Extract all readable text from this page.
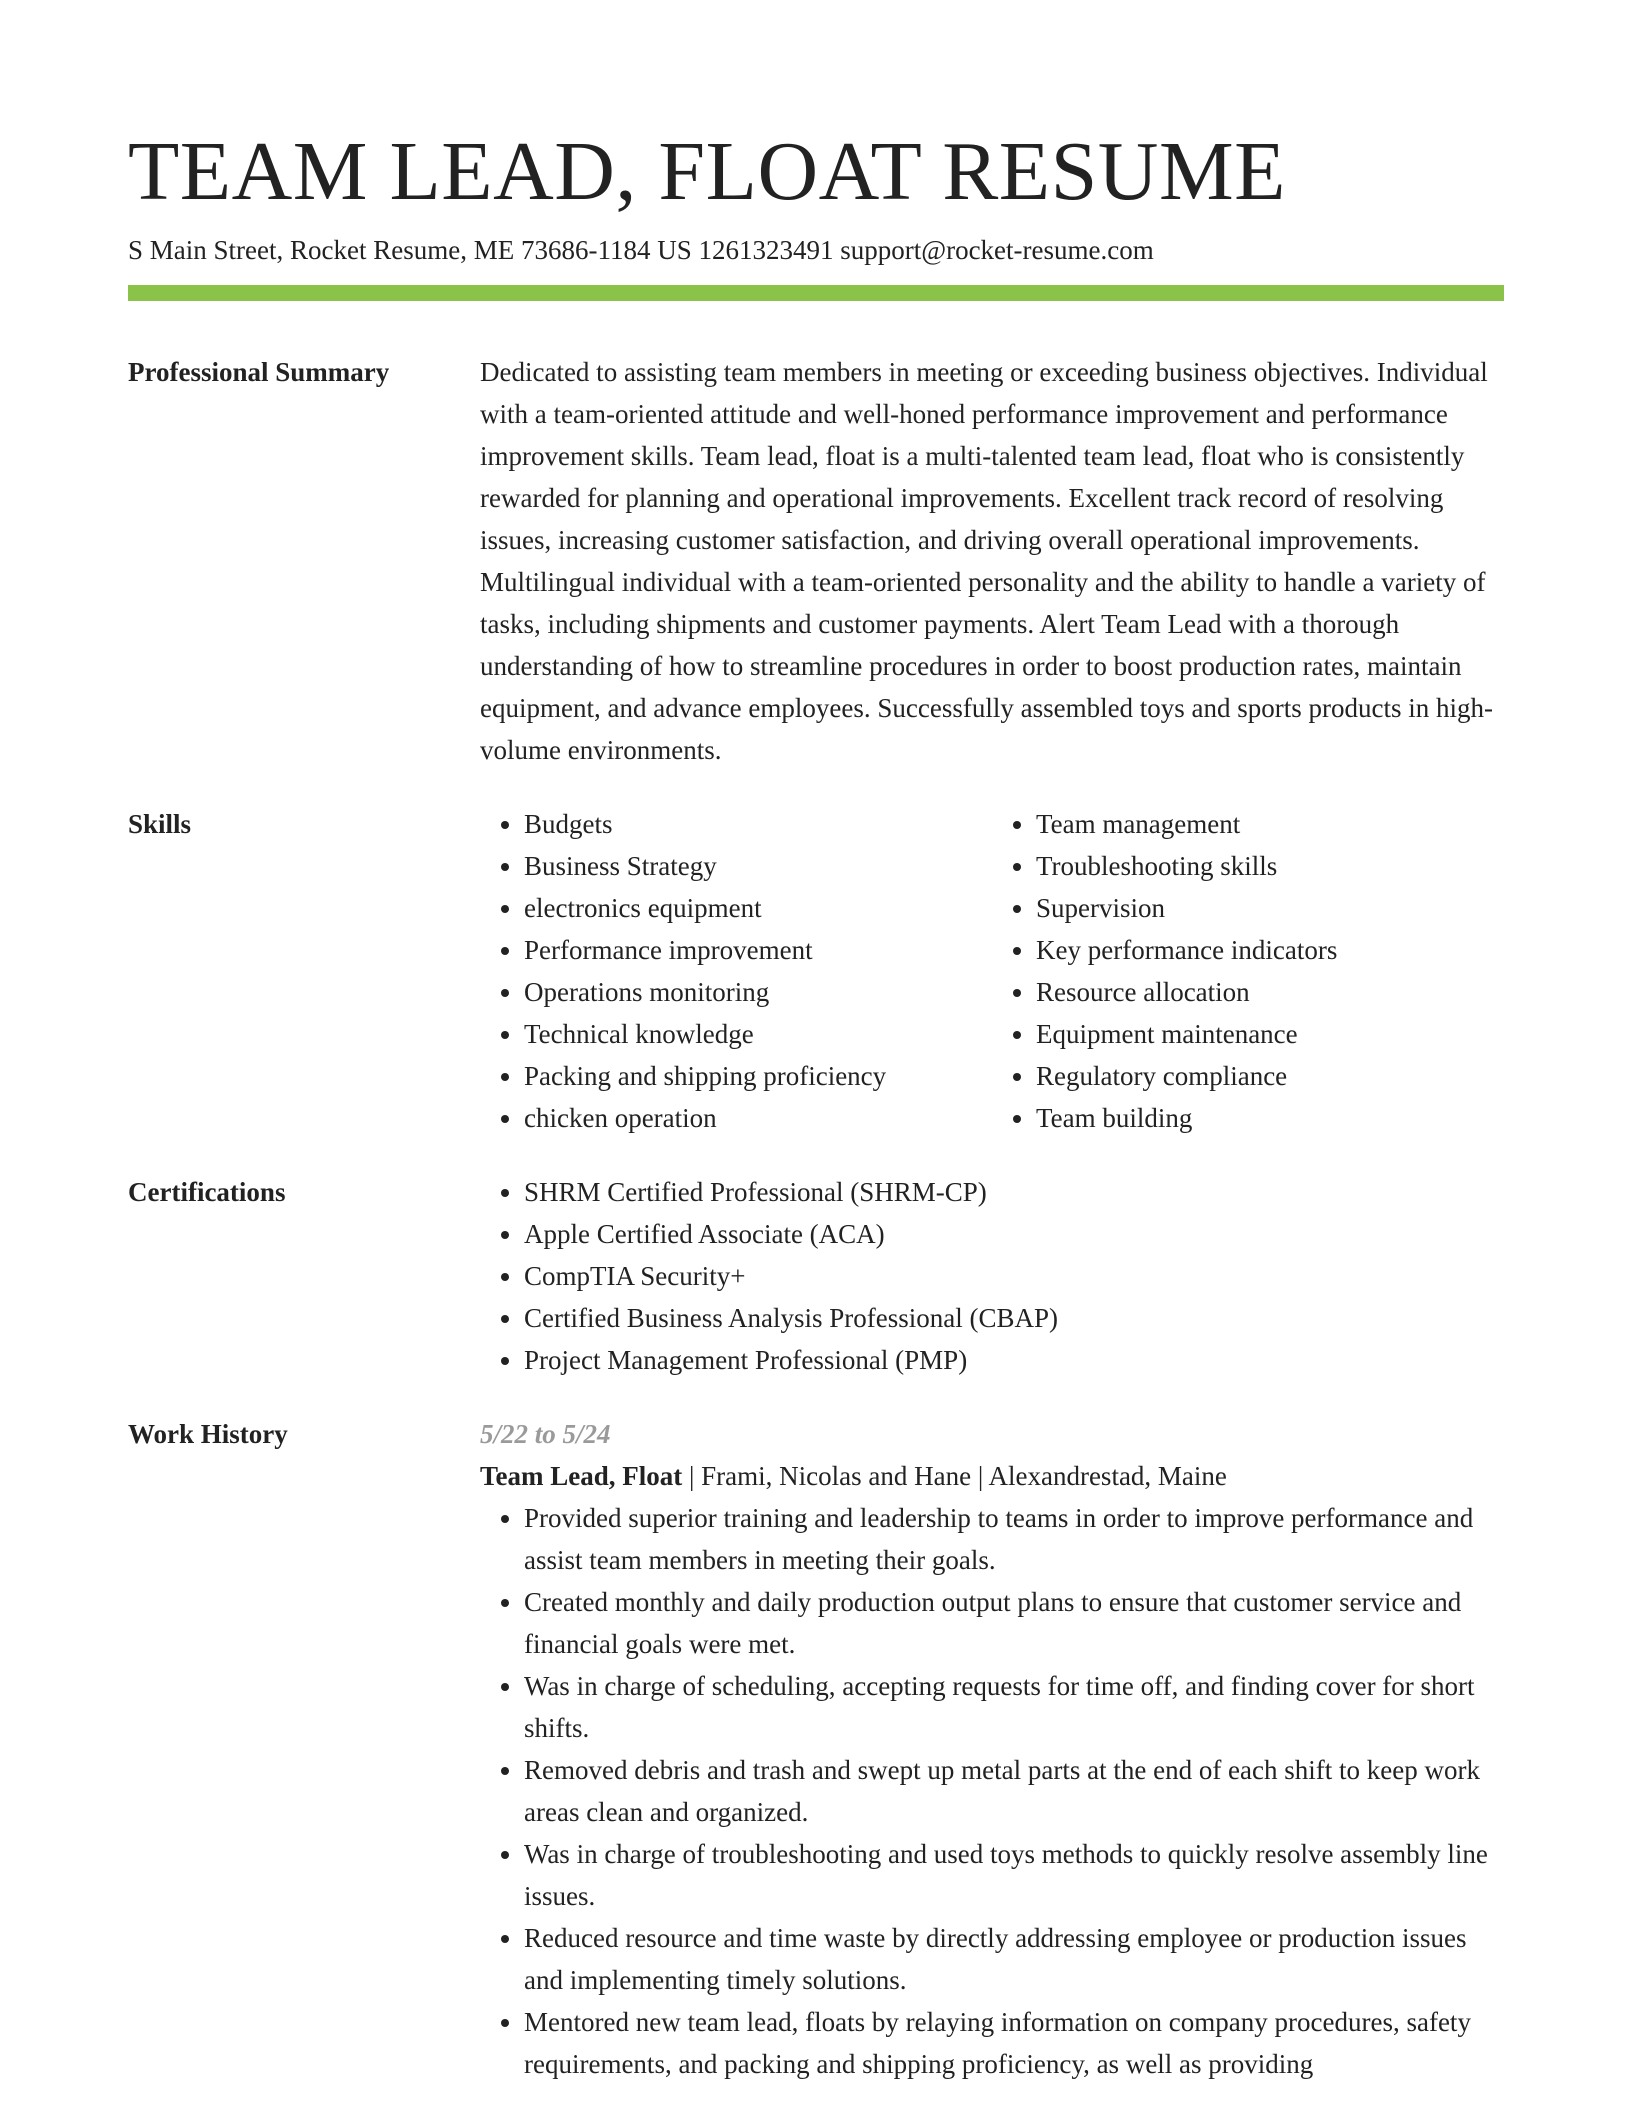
TEAM LEAD, FLOAT RESUME
S Main Street, Rocket Resume, ME 73686-1184 US 1261323491 support@rocket-resume.com
Professional Summary	Dedicated to assisting team members in meeting or exceeding business objectives. Individual with a team-oriented attitude and well-honed performance improvement and performance improvement skills. Team lead, float is a multi-talented team lead, float who is consistently rewarded for planning and operational improvements. Excellent track record of resolving issues, increasing customer satisfaction, and driving overall operational improvements. Multilingual individual with a team-oriented personality and the ability to handle a variety of tasks, including shipments and customer payments. Alert Team Lead with a thorough understanding of how to streamline procedures in order to boost production rates, maintain equipment, and advance employees. Successfully assembled toys and sports products in high-volume environments.

Skills	• Budgets
• Business Strategy
• electronics equipment
• Performance improvement
• Operations monitoring
• Technical knowledge
• Packing and shipping proficiency
• chicken operation
• Team management
• Troubleshooting skills
• Supervision
• Key performance indicators
• Resource allocation
• Equipment maintenance
• Regulatory compliance
• Team building
Certifications	• SHRM Certified Professional (SHRM-CP)
• Apple Certified Associate (ACA)
• CompTIA Security+
• Certified Business Analysis Professional (CBAP)
• Project Management Professional (PMP)
Work History	5/22 to 5/24
Team Lead, Float | Frami, Nicolas and Hane | Alexandrestad, Maine
• Provided superior training and leadership to teams in order to improve performance and assist team members in meeting their goals.
• Created monthly and daily production output plans to ensure that customer service and financial goals were met.
• Was in charge of scheduling, accepting requests for time off, and finding cover for short shifts.
• Removed debris and trash and swept up metal parts at the end of each shift to keep work areas clean and organized.
• Was in charge of troubleshooting and used toys methods to quickly resolve assembly line issues.
• Reduced resource and time waste by directly addressing employee or production issues and implementing timely solutions.
• Mentored new team lead, floats by relaying information on company procedures, safety requirements, and packing and shipping proficiency, as well as providing
